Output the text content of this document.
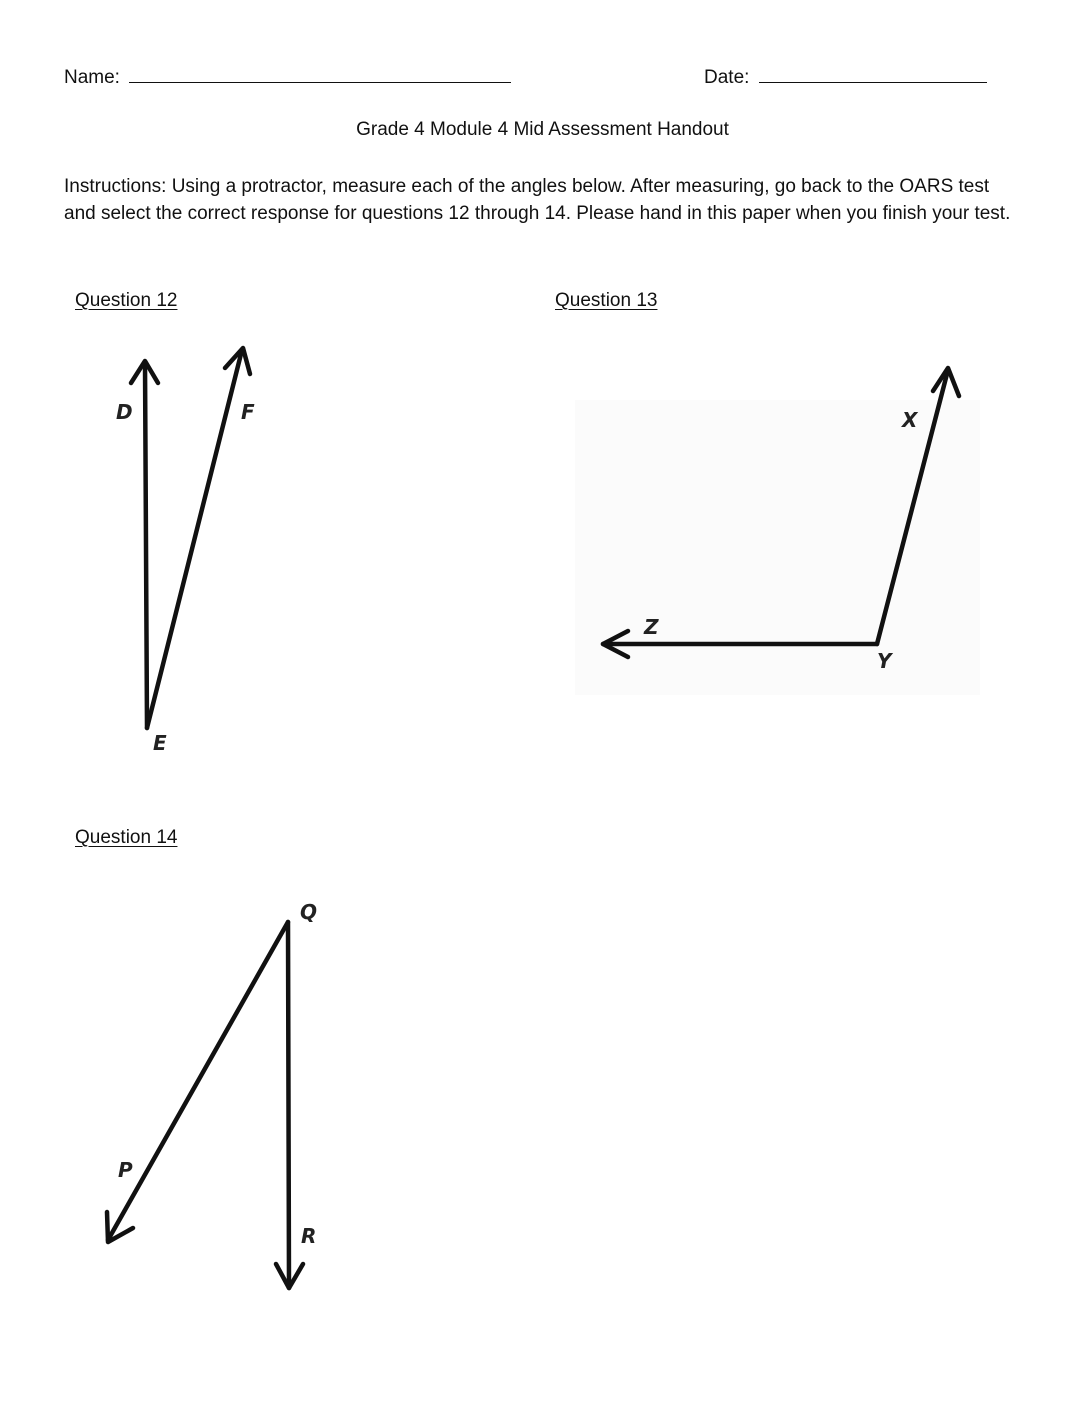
Name:	Date:
Grade 4 Module 4 Mid Assessment Handout
Instructions: Using a protractor, measure each of the angles below. After measuring, go back to the OARS test and select the correct response for questions 12 through 14. Please hand in this paper when you finish your test.
Question 12
D	F
E
Question 13
X
Z
Y
Question 14
Q
P
R
